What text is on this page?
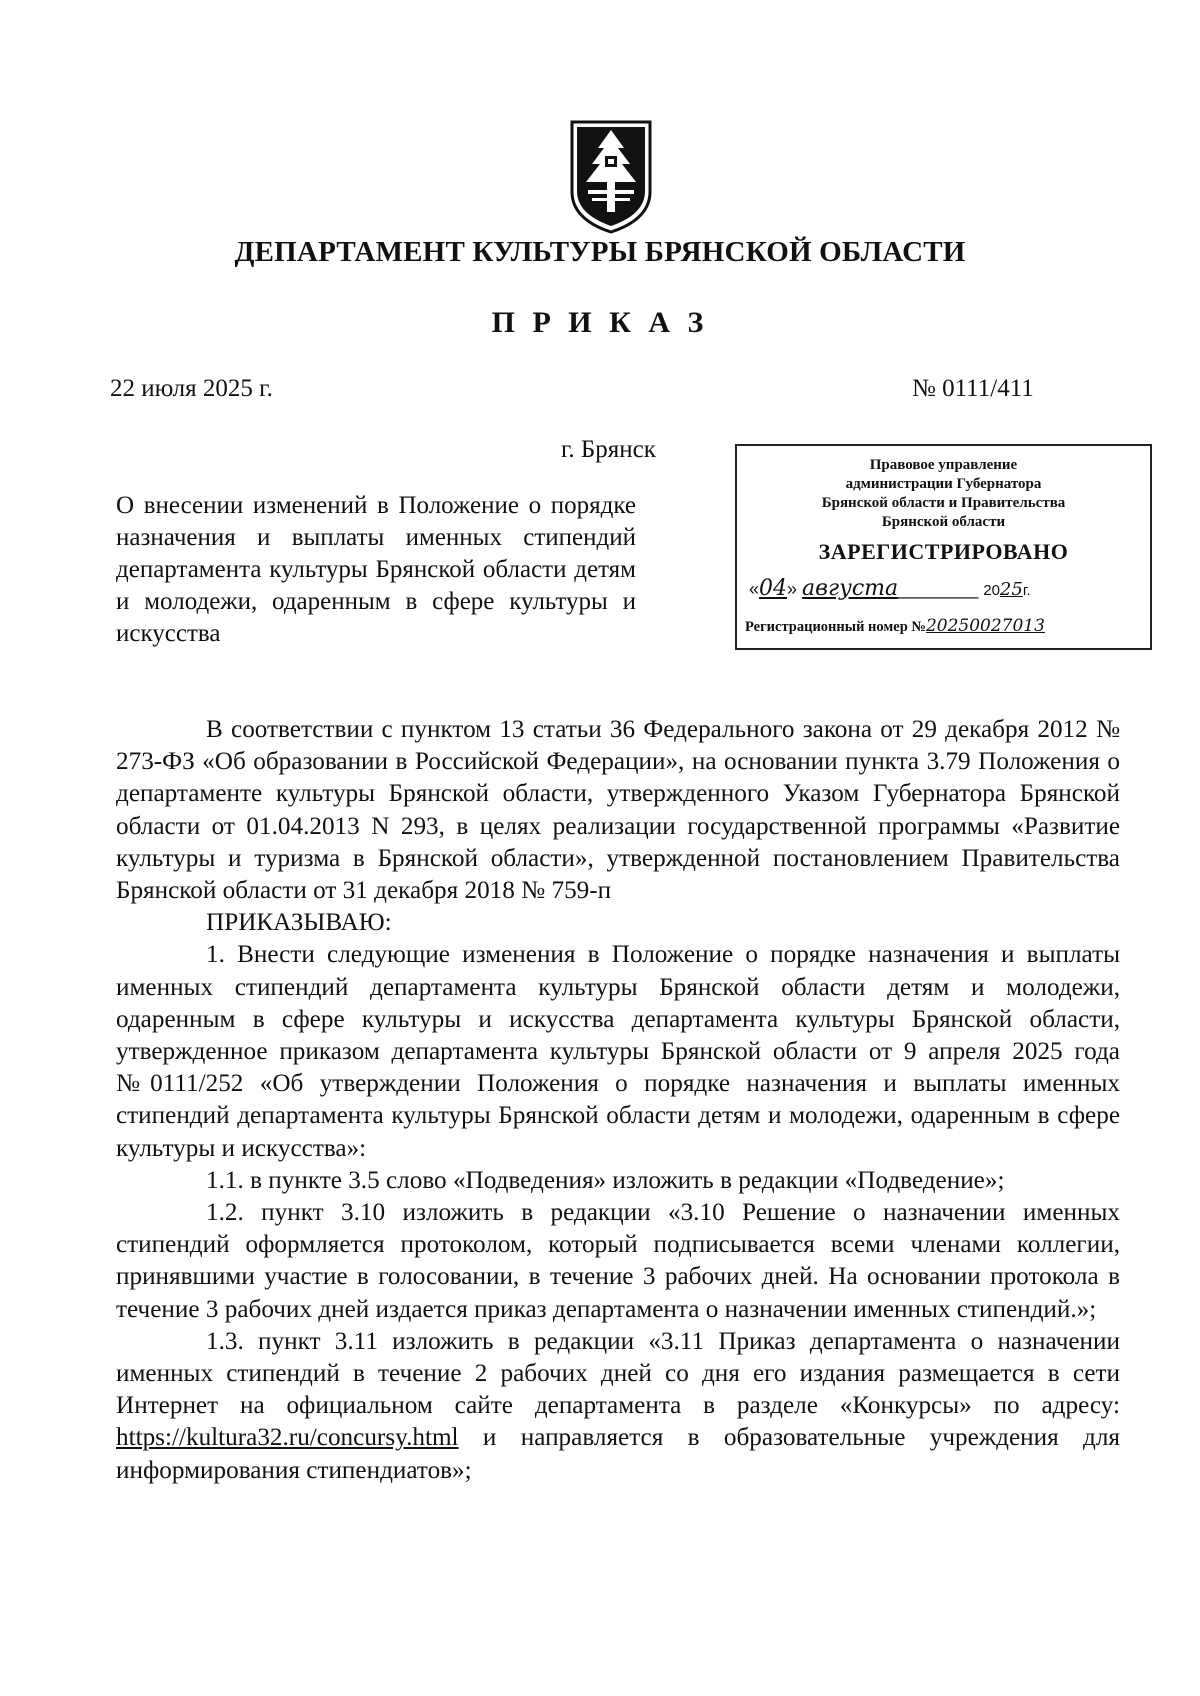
ДЕПАРТАМЕНТ КУЛЬТУРЫ БРЯНСКОЙ ОБЛАСТИ
П Р И К А З
22 июля 2025 г.	№ 0111/411
г. Брянск
О внесении изменений в Положение о порядке назначения и выплаты именных стипендий департамента культуры Брянской области детям и молодежи, одаренным в сфере культуры и искусства
Правовое управление
администрации Губернатора
Брянской области и Правительства
Брянской области
ЗАРЕГИСТРИРОВАНО
«04» августа________ 2025г.
Регистрационный номер №20250027013

В соответствии с пунктом 13 статьи 36 Федерального закона от 29 декабря 2012 № 273-ФЗ «Об образовании в Российской Федерации», на основании пункта 3.79 Положения о департаменте культуры Брянской области, утвержденного Указом Губернатора Брянской области от 01.04.2013 N 293, в целях реализации государственной программы «Развитие культуры и туризма в Брянской области», утвержденной постановлением Правительства Брянской области от 31 декабря 2018 № 759-п

ПРИКАЗЫВАЮ:

1. Внести следующие изменения в Положение о порядке назначения и выплаты именных стипендий департамента культуры Брянской области детям и молодежи, одаренным в сфере культуры и искусства департамента культуры Брянской области, утвержденное приказом департамента культуры Брянской области от 9 апреля 2025 года №0111/252 «Об утверждении Положения о порядке назначения и выплаты именных стипендий департамента культуры Брянской области детям и молодежи, одаренным в сфере культуры и искусства»:

1.1. в пункте 3.5 слово «Подведения» изложить в редакции «Подведение»;

1.2. пункт 3.10 изложить в редакции «3.10 Решение о назначении именных стипендий оформляется протоколом, который подписывается всеми членами коллегии, принявшими участие в голосовании, в течение 3 рабочих дней. На основании протокола в течение 3 рабочих дней издается приказ департамента о назначении именных стипендий.»;

1.3. пункт 3.11 изложить в редакции «3.11 Приказ департамента о назначении именных стипендий в течение 2 рабочих дней со дня его издания размещается в сети Интернет на официальном сайте департамента в разделе «Конкурсы» по адресу: https://kultura32.ru/concursy.html и направляется в образовательные учреждения для информирования стипендиатов»;
